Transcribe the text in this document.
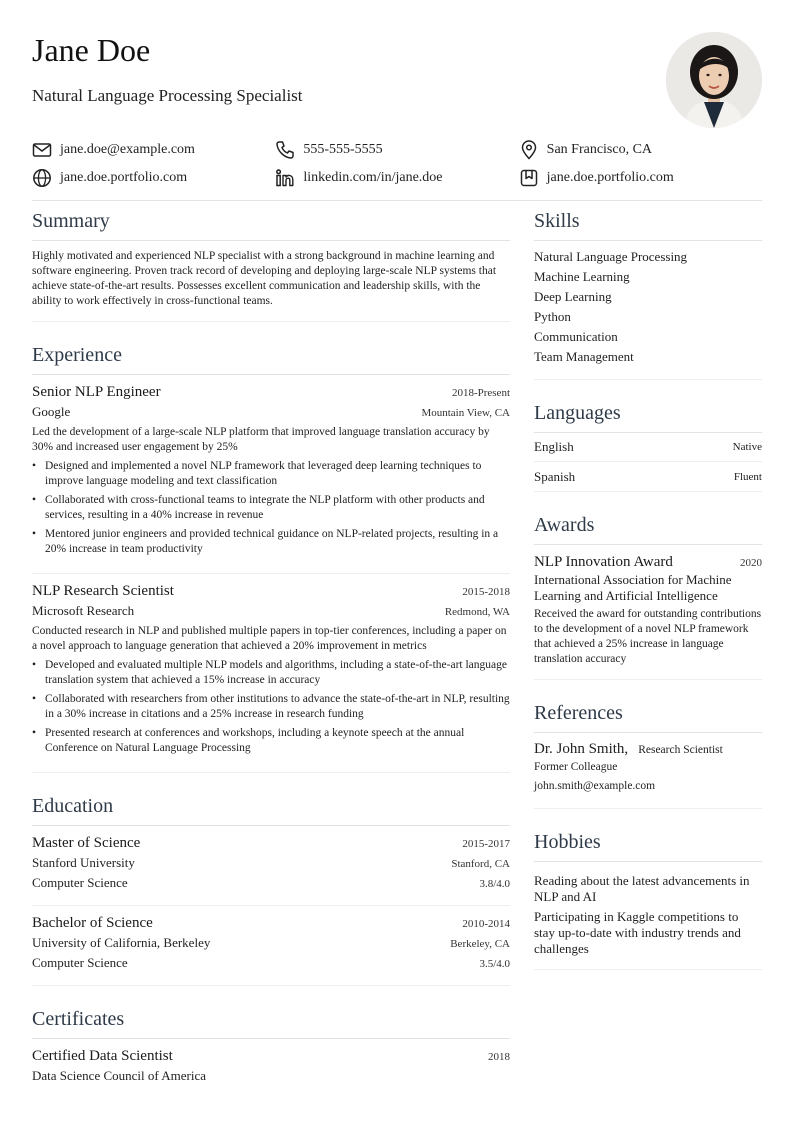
Jane Doe
Natural Language Processing Specialist
jane.doe@example.com	555-555-5555	San Francisco, CA
jane.doe.portfolio.com	linkedin.com/in/jane.doe	jane.doe.portfolio.com
Summary
Highly motivated and experienced NLP specialist with a strong background in machine learning and software engineering. Proven track record of developing and deploying large-scale NLP systems that achieve state-of-the-art results. Possesses excellent communication and leadership skills, with the ability to work effectively in cross-functional teams.
Experience
Senior NLP Engineer	2018-Present
Google	Mountain View, CA
Led the development of a large-scale NLP platform that improved language translation accuracy by 30% and increased user engagement by 25%
• Designed and implemented a novel NLP framework that leveraged deep learning techniques to improve language modeling and text classification
• Collaborated with cross-functional teams to integrate the NLP platform with other products and services, resulting in a 40% increase in revenue
• Mentored junior engineers and provided technical guidance on NLP-related projects, resulting in a 20% increase in team productivity
NLP Research Scientist	2015-2018
Microsoft Research	Redmond, WA
Conducted research in NLP and published multiple papers in top-tier conferences, including a paper on a novel approach to language generation that achieved a 20% improvement in metrics
• Developed and evaluated multiple NLP models and algorithms, including a state-of-the-art language translation system that achieved a 15% increase in accuracy
• Collaborated with researchers from other institutions to advance the state-of-the-art in NLP, resulting in a 30% increase in citations and a 25% increase in research funding
• Presented research at conferences and workshops, including a keynote speech at the annual Conference on Natural Language Processing
Education
Master of Science	2015-2017
Stanford University	Stanford, CA
Computer Science	3.8/4.0
Bachelor of Science	2010-2014
University of California, Berkeley	Berkeley, CA
Computer Science	3.5/4.0
Certificates
Certified Data Scientist	2018
Data Science Council of America
Skills
Natural Language Processing
Machine Learning
Deep Learning
Python
Communication
Team Management
Languages
English	Native
Spanish	Fluent
Awards
NLP Innovation Award	2020
International Association for Machine Learning and Artificial Intelligence
Received the award for outstanding contributions to the development of a novel NLP framework that achieved a 25% increase in language translation accuracy
References
Dr. John Smith, Research Scientist
Former Colleague
john.smith@example.com
Hobbies
Reading about the latest advancements in NLP and AI
Participating in Kaggle competitions to stay up-to-date with industry trends and challenges
